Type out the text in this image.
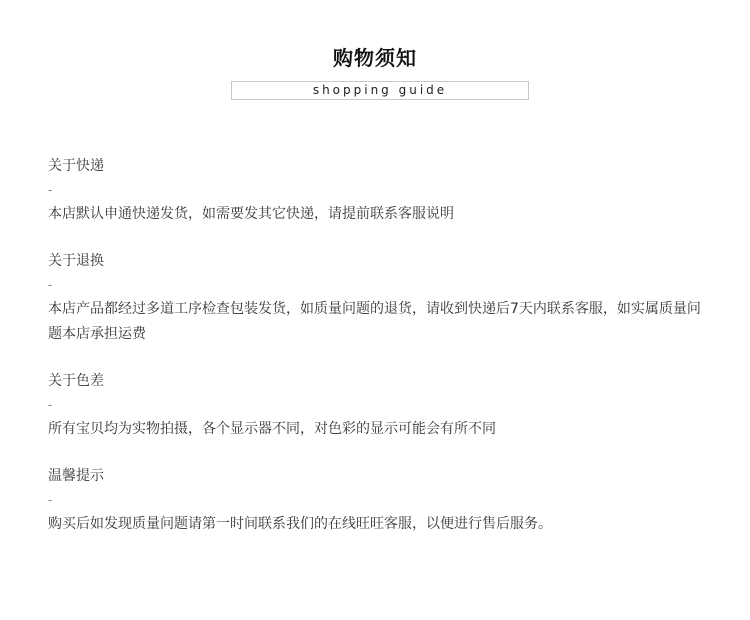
购物须知
shopping guide
关于快递
-
本店默认申通快递发货，如需要发其它快递，请提前联系客服说明
关于退换
-
本店产品都经过多道工序检查包装发货，如质量问题的退货，请收到快递后7天内联系客服，如实属质量问题本店承担运费
关于色差
-
所有宝贝均为实物拍摄，各个显示器不同，对色彩的显示可能会有所不同
温馨提示
-
购买后如发现质量问题请第一时间联系我们的在线旺旺客服，以便进行售后服务。
